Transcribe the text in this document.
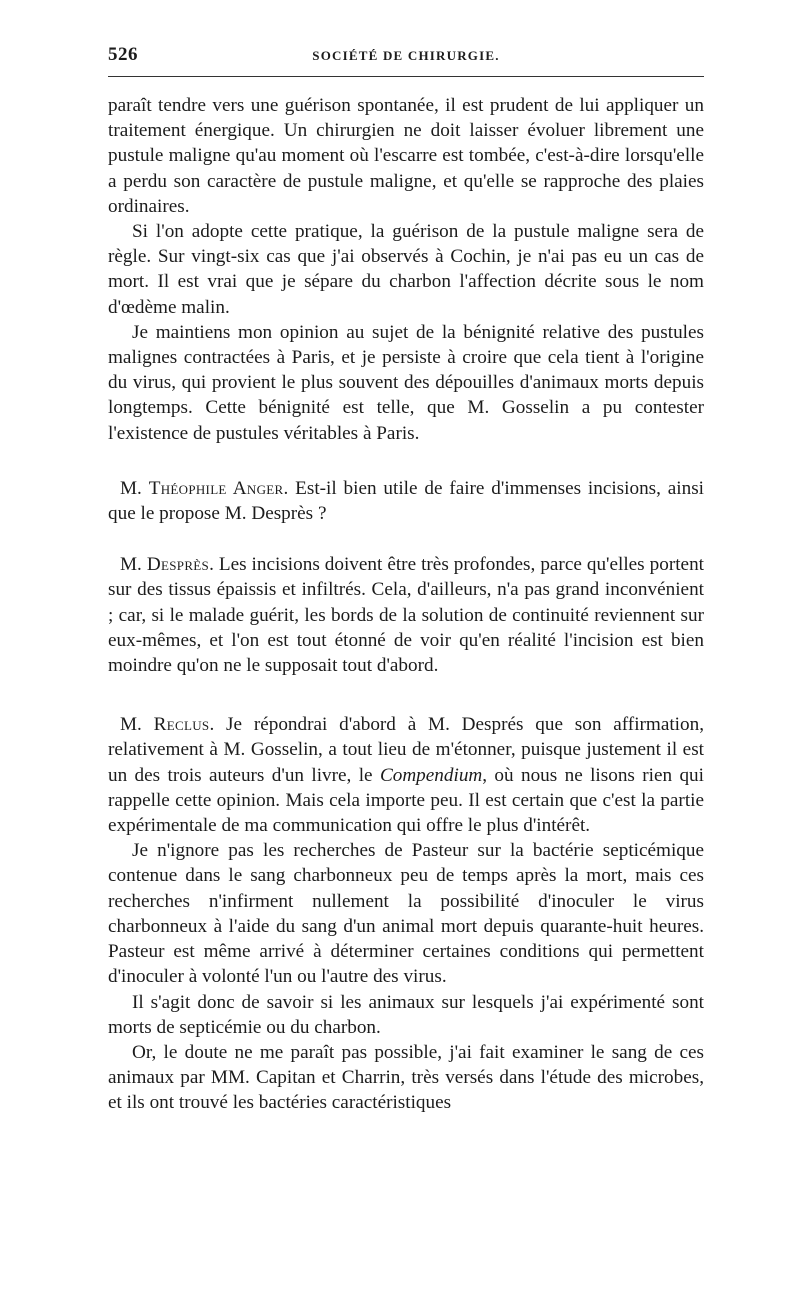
526	SOCIÉTÉ DE CHIRURGIE.

paraît tendre vers une guérison spontanée, il est prudent de lui appliquer un traitement énergique. Un chirurgien ne doit laisser évoluer librement une pustule maligne qu'au moment où l'escarre est tombée, c'est-à-dire lorsqu'elle a perdu son caractère de pustule maligne, et qu'elle se rapproche des plaies ordinaires.

Si l'on adopte cette pratique, la guérison de la pustule maligne sera de règle. Sur vingt-six cas que j'ai observés à Cochin, je n'ai pas eu un cas de mort. Il est vrai que je sépare du charbon l'affection décrite sous le nom d'œdème malin.

Je maintiens mon opinion au sujet de la bénignité relative des pustules malignes contractées à Paris, et je persiste à croire que cela tient à l'origine du virus, qui provient le plus souvent des dépouilles d'animaux morts depuis longtemps. Cette bénignité est telle, que M. Gosselin a pu contester l'existence de pustules véritables à Paris.

M. Théophile Anger. Est-il bien utile de faire d'immenses incisions, ainsi que le propose M. Desprès ?

M. Desprès. Les incisions doivent être très profondes, parce qu'elles portent sur des tissus épaissis et infiltrés. Cela, d'ailleurs, n'a pas grand inconvénient ; car, si le malade guérit, les bords de la solution de continuité reviennent sur eux-mêmes, et l'on est tout étonné de voir qu'en réalité l'incision est bien moindre qu'on ne le supposait tout d'abord.

M. Reclus. Je répondrai d'abord à M. Després que son affirmation, relativement à M. Gosselin, a tout lieu de m'étonner, puisque justement il est un des trois auteurs d'un livre, le Compendium, où nous ne lisons rien qui rappelle cette opinion. Mais cela importe peu. Il est certain que c'est la partie expérimentale de ma communication qui offre le plus d'intérêt.

Je n'ignore pas les recherches de Pasteur sur la bactérie septicémique contenue dans le sang charbonneux peu de temps après la mort, mais ces recherches n'infirment nullement la possibilité d'inoculer le virus charbonneux à l'aide du sang d'un animal mort depuis quarante-huit heures. Pasteur est même arrivé à déterminer certaines conditions qui permettent d'inoculer à volonté l'un ou l'autre des virus.

Il s'agit donc de savoir si les animaux sur lesquels j'ai expérimenté sont morts de septicémie ou du charbon.

Or, le doute ne me paraît pas possible, j'ai fait examiner le sang de ces animaux par MM. Capitan et Charrin, très versés dans l'étude des microbes, et ils ont trouvé les bactéries caractéristiques
